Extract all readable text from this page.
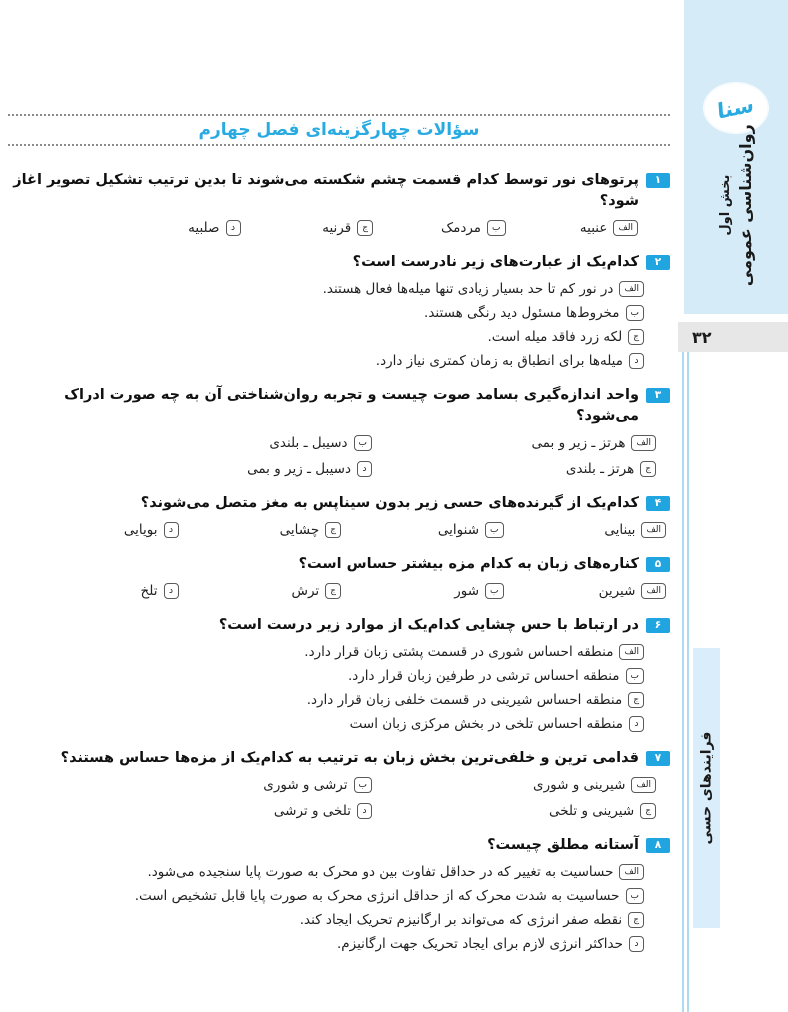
سنا
بخش اول روان‌شناسی عمومی
۳۲
فرایندهای حسی
سؤالات چهارگزینه‌ای فصل چهارم
۱
پرتوهای نور توسط کدام قسمت چشم شکسته می‌شوند تا بدین ترتیب تشکیل تصویر اغاز شود؟
الف
عنبیه
ب
مردمک
ج
قرنیه
د
صلبیه
۲
کدام‌یک از عبارت‌های زیر نادرست است؟
الف
در نور کم تا حد بسیار زیادی تنها میله‌ها فعال هستند.
ب
مخروط‌ها مسئول دید رنگی هستند.
ج
لکه زرد فاقد میله است.
د
میله‌ها برای انطباق به زمان کمتری نیاز دارد.
۳
واحد اندازه‌گیری بسامد صوت چیست و تجربه روان‌شناختی آن به چه صورت ادراک می‌شود؟
الف
هرتز ـ زیر و بمی
ب
دسیبل ـ بلندی
ج
هرتز ـ بلندی
د
دسیبل ـ زیر و بمی
۴
کدام‌یک از گیرنده‌های حسی زیر بدون سیناپس به مغز متصل می‌شوند؟
الف
بینایی
ب
شنوایی
ج
چشایی
د
بویایی
۵
کناره‌های زبان به کدام مزه بیشتر حساس است؟
الف
شیرین
ب
شور
ج
ترش
د
تلخ
۶
در ارتباط با حس چشایی کدام‌یک از موارد زیر درست است؟
الف
منطقه احساس شوری در قسمت پشتی زبان قرار دارد.
ب
منطقه احساس ترشی در طرفین زبان قرار دارد.
ج
منطقه احساس شیرینی در قسمت خلفی زبان قرار دارد.
د
منطقه احساس تلخی در بخش مرکزی زبان است
۷
قدامی ترین و خلفی‌ترین بخش زبان به ترتیب به کدام‌یک از مزه‌ها حساس هستند؟
الف
شیرینی و شوری
ب
ترشی و شوری
ج
شیرینی و تلخی
د
تلخی و ترشی
۸
آستانه مطلق چیست؟
الف
حساسیت به تغییر که در حداقل تفاوت بین دو محرک به صورت پایا سنجیده می‌شود.
ب
حساسیت به شدت محرک که از حداقل انرژی محرک به صورت پایا قابل تشخیص است.
ج
نقطه صفر انرژی که می‌تواند بر ارگانیزم تحریک ایجاد کند.
د
حداکثر انرژی لازم برای ایجاد تحریک جهت ارگانیزم.
